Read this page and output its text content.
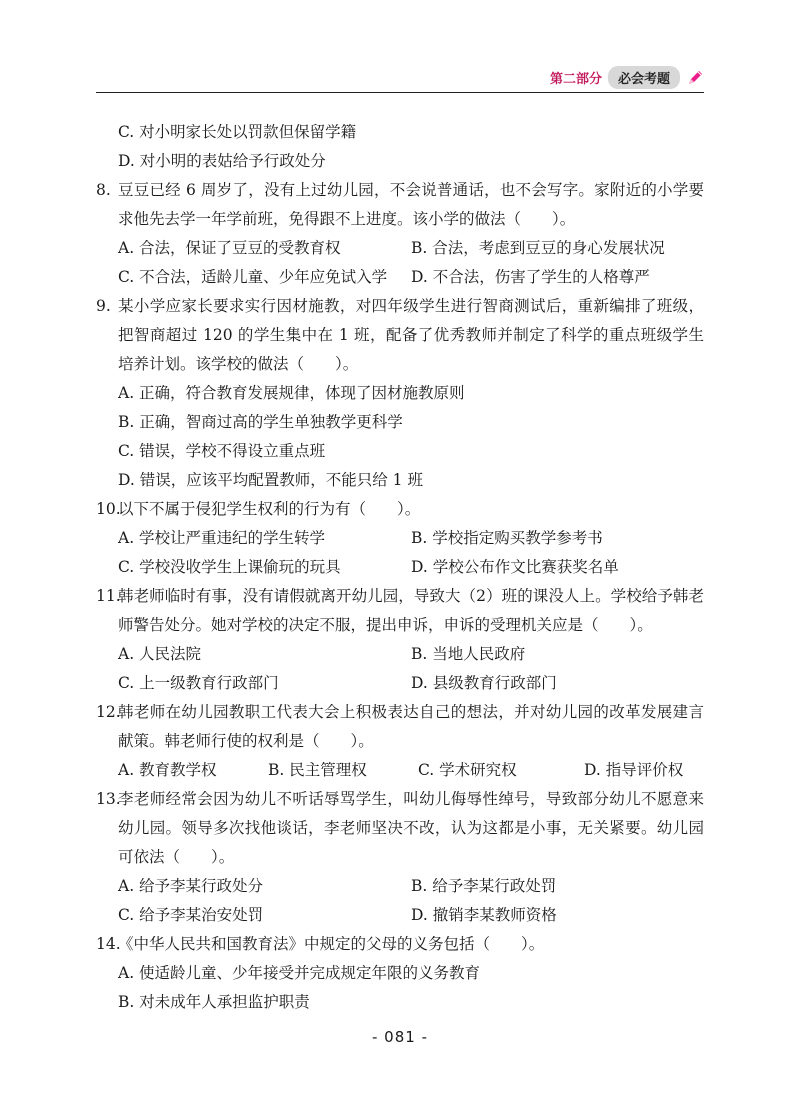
第二部分	必会考题
C. 对小明家长处以罚款但保留学籍
D. 对小明的表姑给予行政处分
8. 豆豆已经 6 周岁了，没有上过幼儿园，不会说普通话，也不会写字。家附近的小学要求他先去学一年学前班，免得跟不上进度。该小学的做法（　　）。
A. 合法，保证了豆豆的受教育权	B. 合法，考虑到豆豆的身心发展状况
C. 不合法，适龄儿童、少年应免试入学	D. 不合法，伤害了学生的人格尊严
9. 某小学应家长要求实行因材施教，对四年级学生进行智商测试后，重新编排了班级，把智商超过 120 的学生集中在 1 班，配备了优秀教师并制定了科学的重点班级学生培养计划。该学校的做法（　　）。
A. 正确，符合教育发展规律，体现了因材施教原则
B. 正确，智商过高的学生单独教学更科学
C. 错误，学校不得设立重点班
D. 错误，应该平均配置教师，不能只给 1 班
10.
以下不属于侵犯学生权利的行为有（　　）。
A. 学校让严重违纪的学生转学	B. 学校指定购买教学参考书
C. 学校没收学生上课偷玩的玩具	D. 学校公布作文比赛获奖名单
11.
韩老师临时有事，没有请假就离开幼儿园，导致大（2）班的课没人上。学校给予韩老师警告处分。她对学校的决定不服，提出申诉，申诉的受理机关应是（　　）。
A. 人民法院	B. 当地人民政府
C. 上一级教育行政部门	D. 县级教育行政部门
12.
韩老师在幼儿园教职工代表大会上积极表达自己的想法，并对幼儿园的改革发展建言献策。韩老师行使的权利是（　　）。
A. 教育教学权	B. 民主管理权	C. 学术研究权	D. 指导评价权
13.
李老师经常会因为幼儿不听话辱骂学生，叫幼儿侮辱性绰号，导致部分幼儿不愿意来幼儿园。领导多次找他谈话，李老师坚决不改，认为这都是小事，无关紧要。幼儿园可依法（　　）。
A. 给予李某行政处分	B. 给予李某行政处罚
C. 给予李某治安处罚	D. 撤销李某教师资格
14.
《中华人民共和国教育法》中规定的父母的义务包括（　　）。
A. 使适龄儿童、少年接受并完成规定年限的义务教育
B. 对未成年人承担监护职责
- 081 -
